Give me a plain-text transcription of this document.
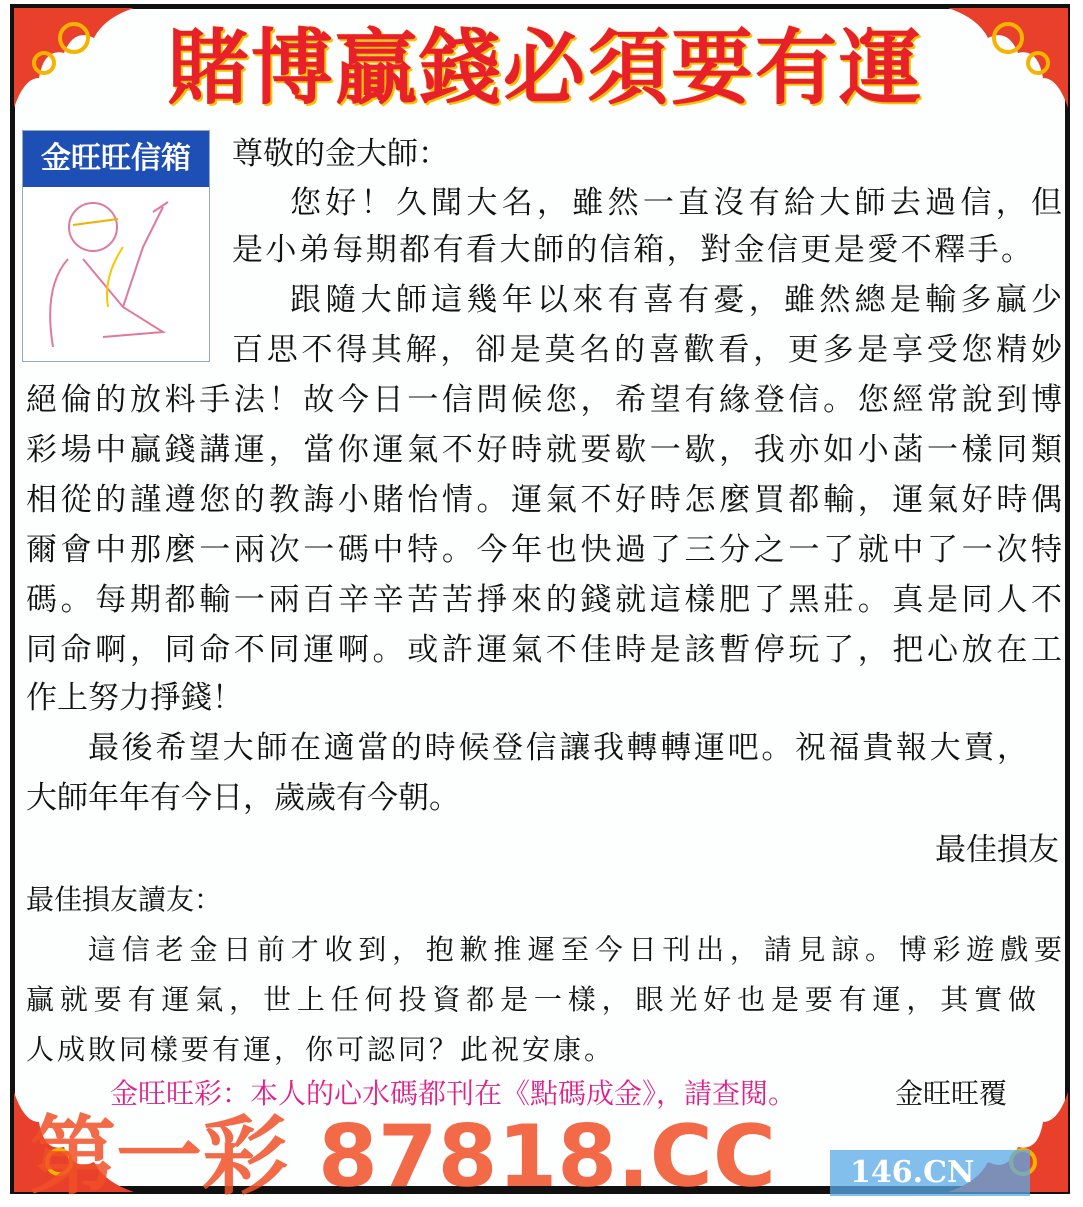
賭博贏錢必須要有運
金旺旺信箱	尊敬的金大師：
您好！久聞大名，雖然一直沒有給大師去過信，但
是小弟每期都有看大師的信箱，對金信更是愛不釋手。
跟隨大師這幾年以來有喜有憂，雖然總是輸多贏少
百思不得其解，卻是莫名的喜歡看，更多是享受您精妙
絕倫的放料手法！故今日一信問候您，希望有緣登信。您經常說到博
彩場中贏錢講運，當你運氣不好時就要歇一歇，我亦如小菡一樣同類
相從的謹遵您的教誨小賭怡情。運氣不好時怎麼買都輸，運氣好時偶
爾會中那麼一兩次一碼中特。今年也快過了三分之一了就中了一次特
碼。每期都輸一兩百辛辛苦苦掙來的錢就這樣肥了黑莊。真是同人不
同命啊，同命不同運啊。或許運氣不佳時是該暫停玩了，把心放在工
作上努力掙錢！
最後希望大師在適當的時候登信讓我轉轉運吧。祝福貴報大賣，
大師年年有今日，歲歲有今朝。
最佳損友
最佳損友讀友：
這信老金日前才收到，抱歉推遲至今日刊出，請見諒。博彩遊戲要
贏就要有運氣，世上任何投資都是一樣，眼光好也是要有運，其實做
人成敗同樣要有運，你可認同？此祝安康。
金旺旺覆
金旺旺彩：本人的心水碼都刊在《點碼成金》，請查閱。
第一彩 87818.CC	146.CN
